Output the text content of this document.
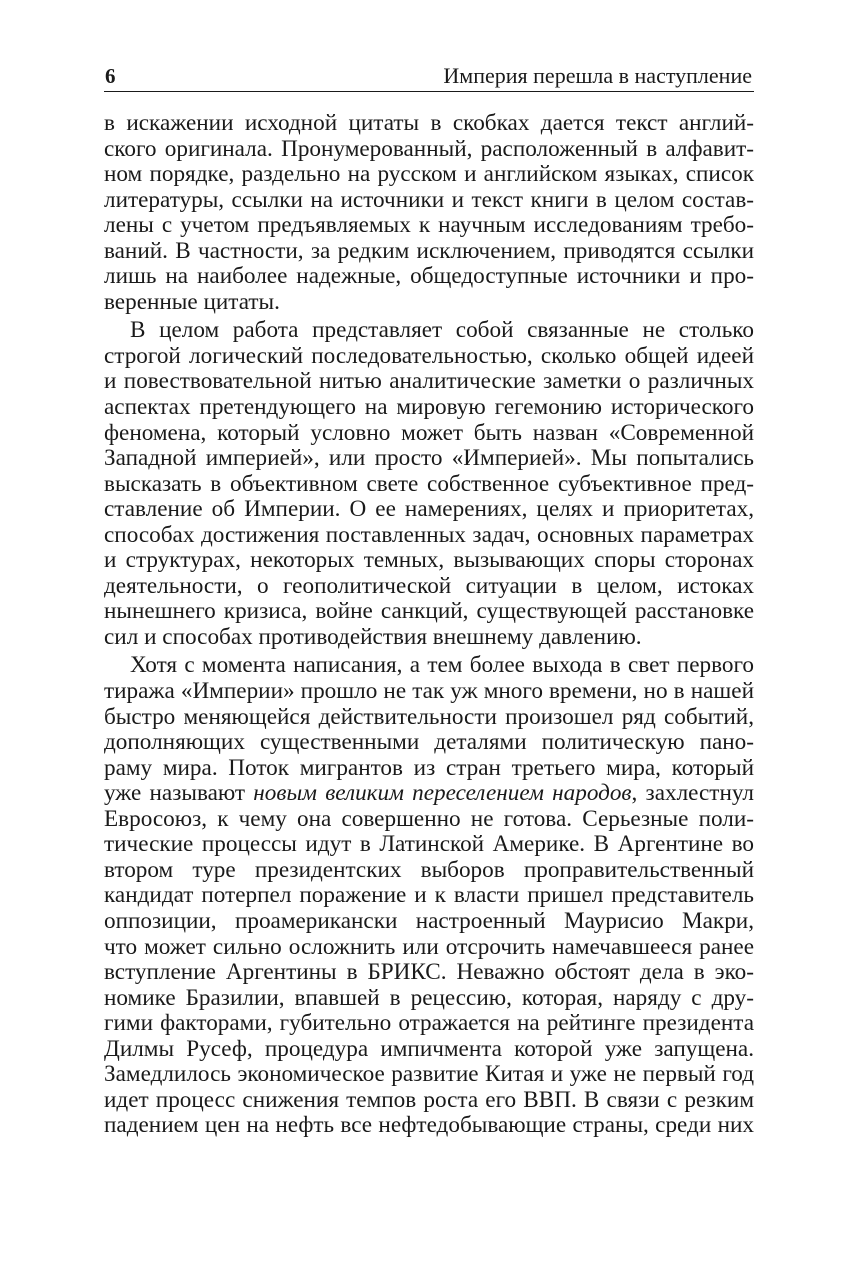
6	Империя перешла в наступление
в искажении исходной цитаты в скобках дается текст англий-
ского оригинала. Пронумерованный, расположенный в алфавит-
ном порядке, раздельно на русском и английском языках, список
литературы, ссылки на источники и текст книги в целом состав-
лены с учетом предъявляемых к научным исследованиям требо-
ваний. В частности, за редким исключением, приводятся ссылки
лишь на наиболее надежные, общедоступные источники и про-
веренные цитаты.
В целом работа представляет собой связанные не столько
строгой логический последовательностью, сколько общей идеей
и повествовательной нитью аналитические заметки о различных
аспектах претендующего на мировую гегемонию исторического
феномена, который условно может быть назван «Современной
Западной империей», или просто «Империей». Мы попытались
высказать в объективном свете собственное субъективное пред-
ставление об Империи. О ее намерениях, целях и приоритетах,
способах достижения поставленных задач, основных параметрах
и структурах, некоторых темных, вызывающих споры сторонах
деятельности, о геополитической ситуации в целом, истоках
нынешнего кризиса, войне санкций, существующей расстановке
сил и способах противодействия внешнему давлению.
Хотя с момента написания, а тем более выхода в свет первого
тиража «Империи» прошло не так уж много времени, но в нашей
быстро меняющейся действительности произошел ряд событий,
дополняющих существенными деталями политическую пано-
раму мира. Поток мигрантов из стран третьего мира, который
уже называют новым великим переселением народов, захлестнул
Евросоюз, к чему она совершенно не готова. Серьезные поли-
тические процессы идут в Латинской Америке. В Аргентине во
втором туре президентских выборов проправительственный
кандидат потерпел поражение и к власти пришел представитель
оппозиции, проамерикански настроенный Маурисио Макри,
что может сильно осложнить или отсрочить намечавшееся ранее
вступление Аргентины в БРИКС. Неважно обстоят дела в эко-
номике Бразилии, впавшей в рецессию, которая, наряду с дру-
гими факторами, губительно отражается на рейтинге президента
Дилмы Русеф, процедура импичмента которой уже запущена.
Замедлилось экономическое развитие Китая и уже не первый год
идет процесс снижения темпов роста его ВВП. В связи с резким
падением цен на нефть все нефтедобывающие страны, среди них
